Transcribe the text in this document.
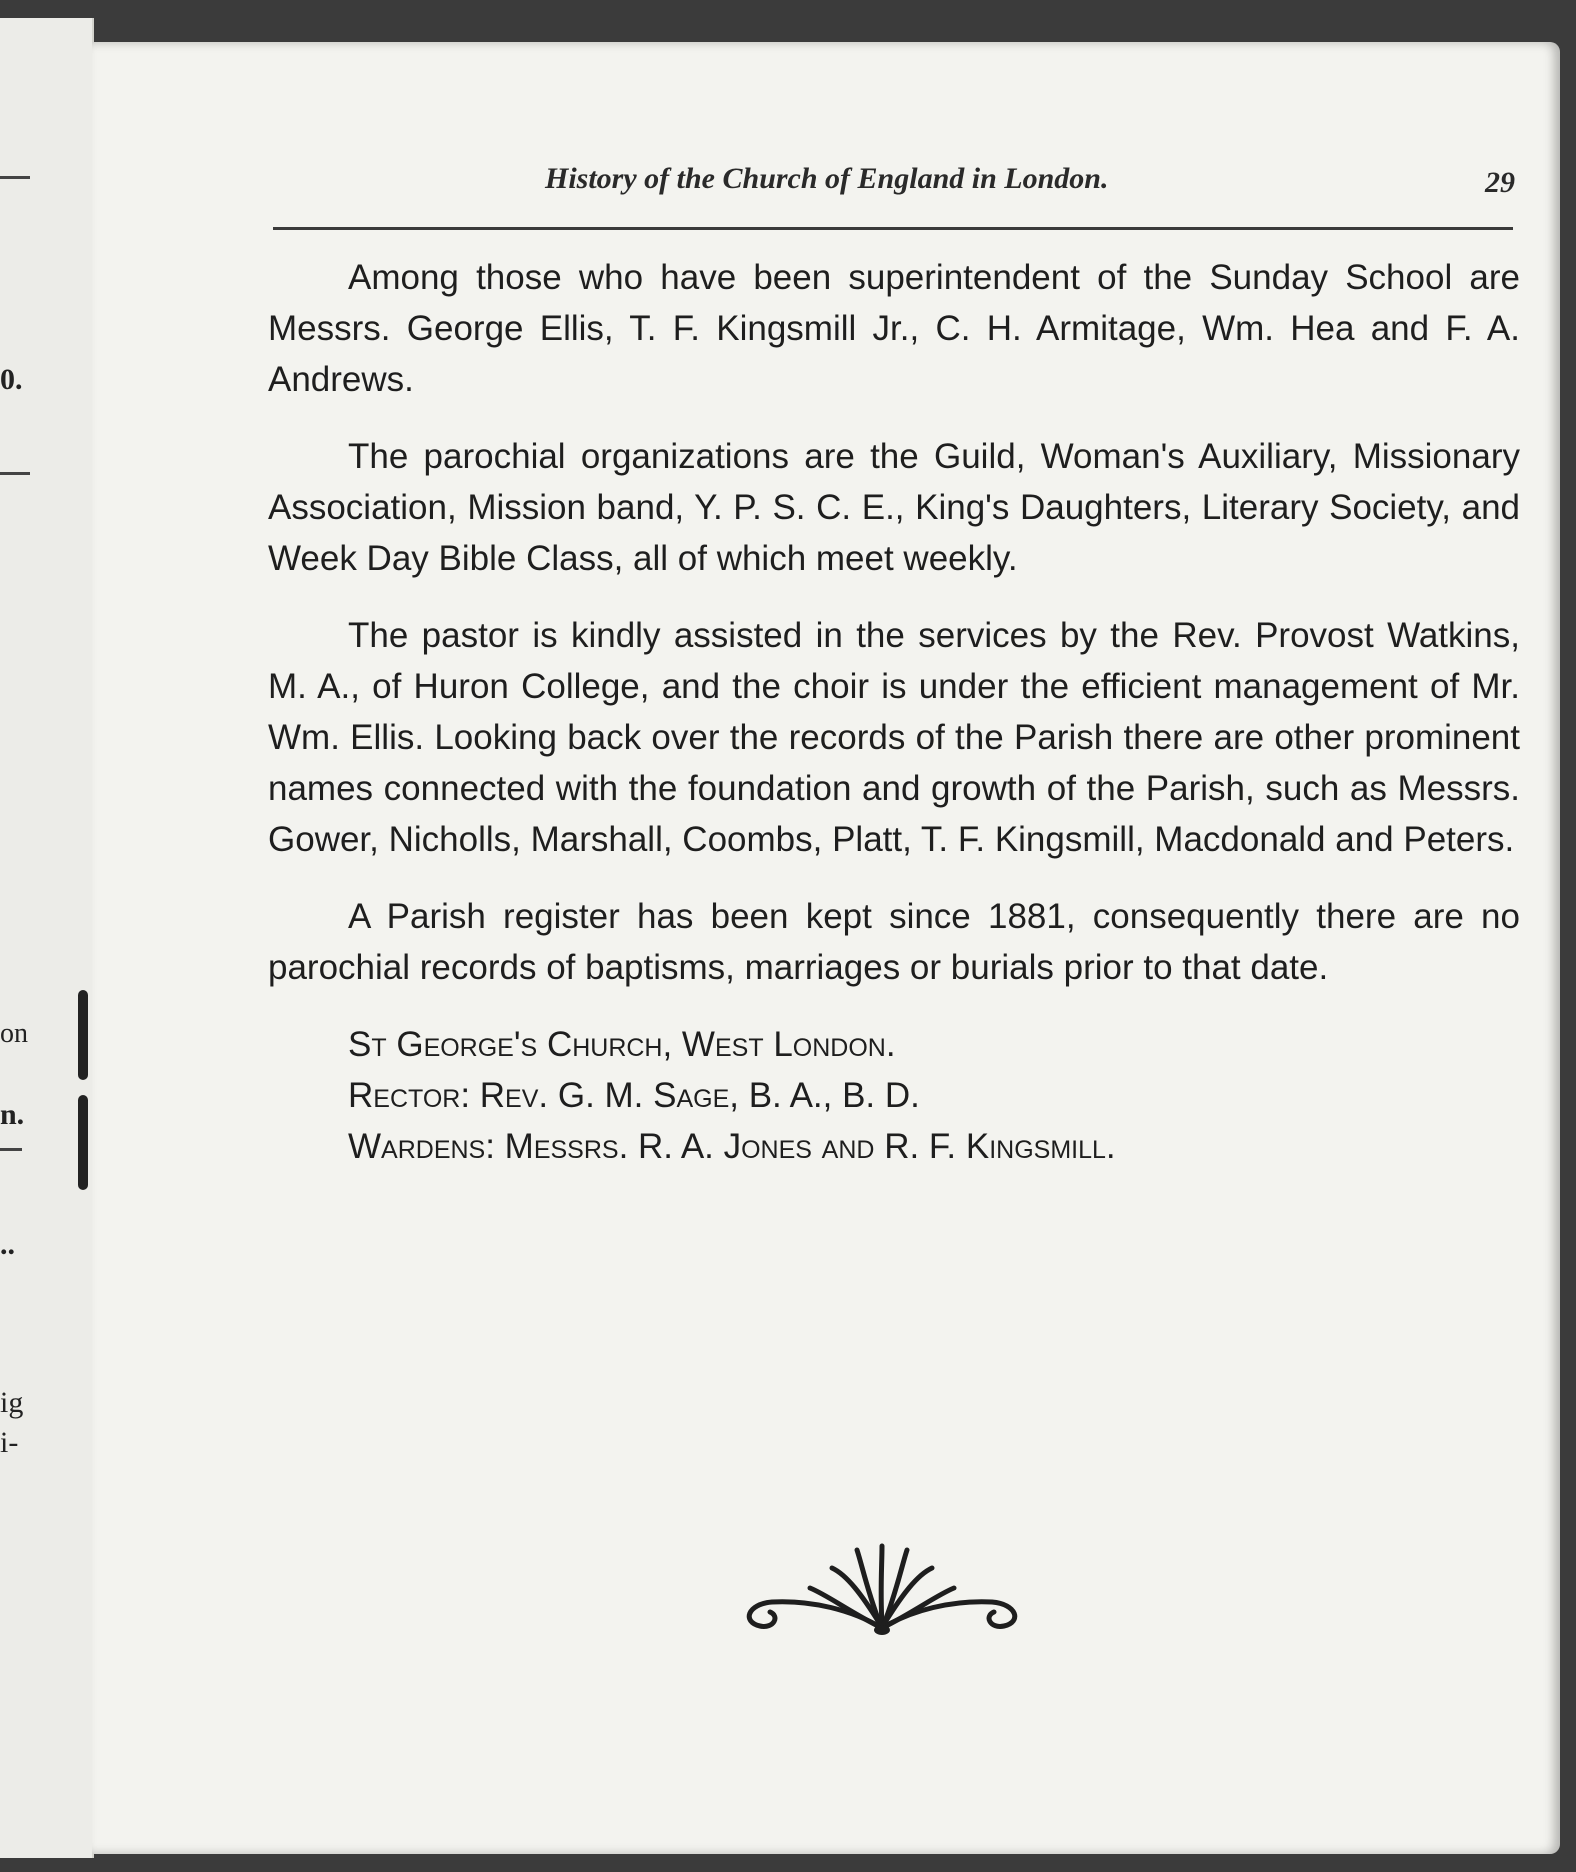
0.
on
n.
..
ig
i-
History of the Church of England in London.	29

Among those who have been superintendent of the Sunday School are Messrs. George Ellis, T. F. Kingsmill Jr., C. H. Armitage, Wm. Hea and F. A. Andrews.

The parochial organizations are the Guild, Woman's Auxiliary, Missionary Association, Mission band, Y. P. S. C. E., King's Daughters, Literary Society, and Week Day Bible Class, all of which meet weekly.

The pastor is kindly assisted in the services by the Rev. Provost Watkins, M. A., of Huron College, and the choir is under the efficient management of Mr. Wm. Ellis. Looking back over the records of the Parish there are other prominent names connected with the foundation and growth of the Parish, such as Messrs. Gower, Nicholls, Marshall, Coombs, Platt, T. F. Kingsmill, Macdonald and Peters.

A Parish register has been kept since 1881, consequently there are no parochial records of baptisms, marriages or burials prior to that date.

St George's Church, West London.
Rector: Rev. G. M. Sage, B. A., B. D.
Wardens: Messrs. R. A. Jones and R. F. Kingsmill.
